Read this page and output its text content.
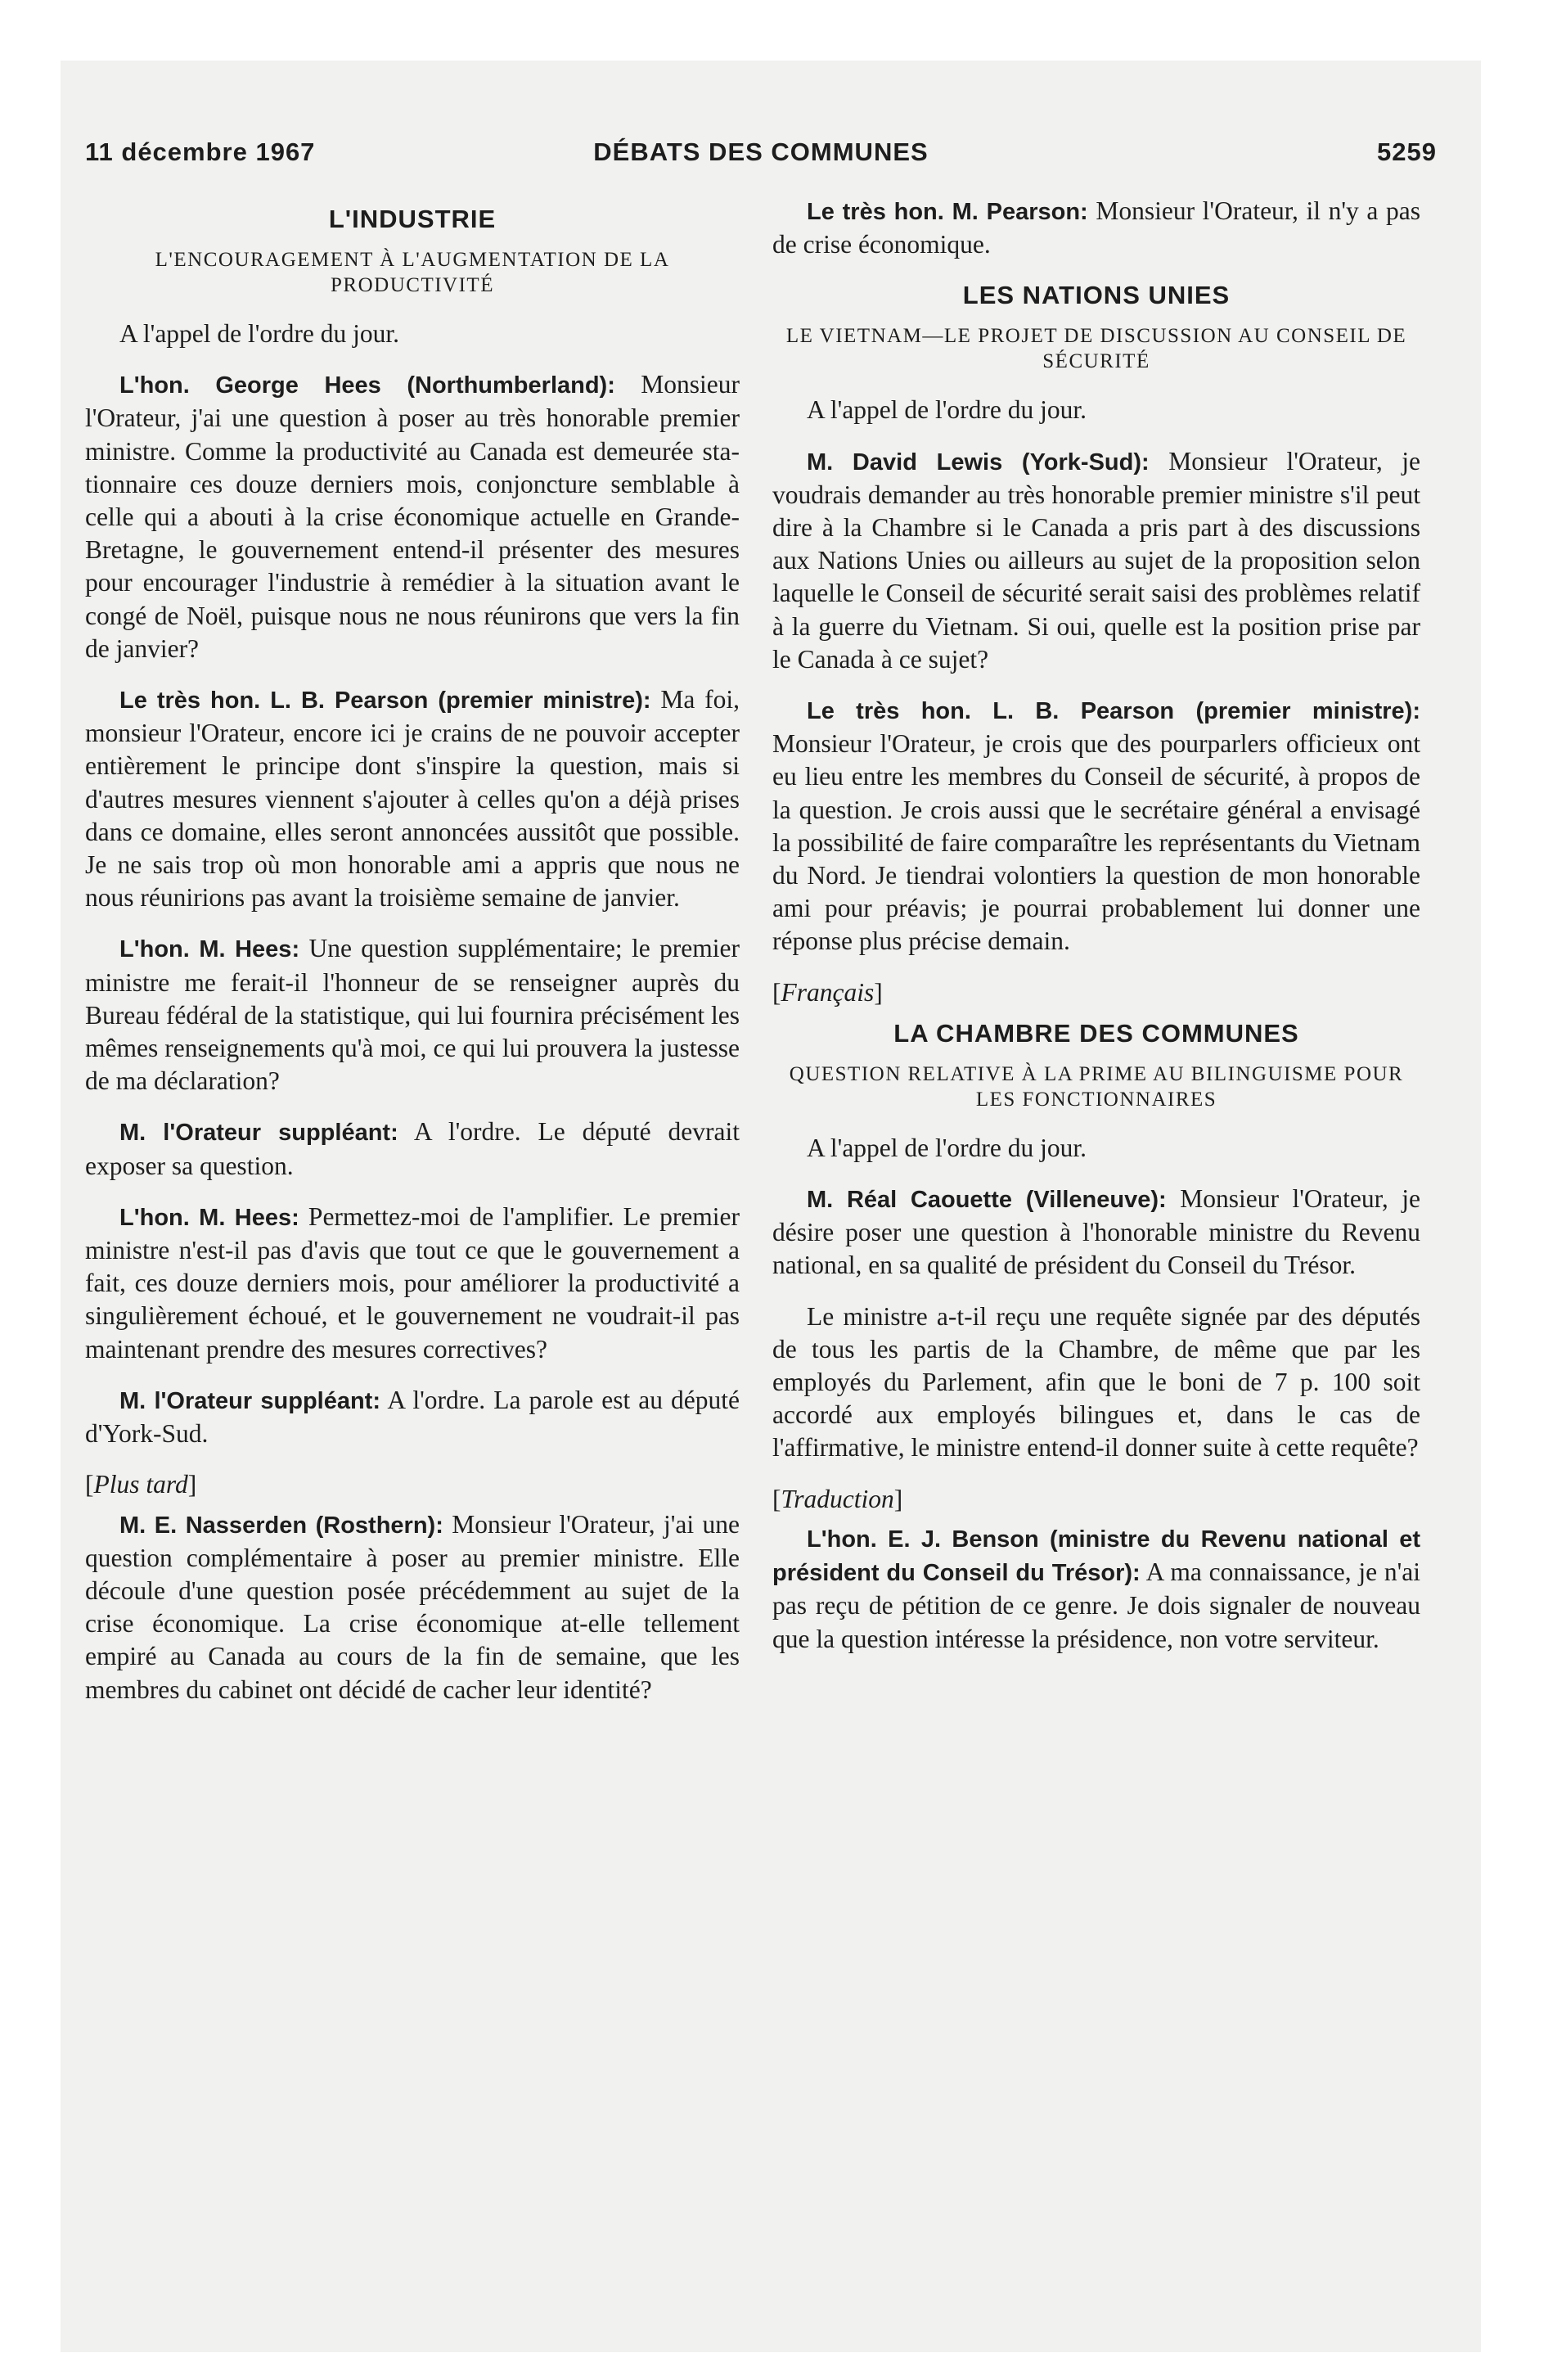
11 décembre 1967	DÉBATS DES COMMUNES	5259
L'INDUSTRIE
L'ENCOURAGEMENT À L'AUGMENTATION DE LA PRODUCTIVITÉ

A l'appel de l'ordre du jour.

L'hon. George Hees (Northumberland): Monsieur l'Orateur, j'ai une question à poser au très honorable premier ministre. Comme la productivité au Canada est demeurée stationnaire ces douze derniers mois, conjoncture semblable à celle qui a abouti à la crise économique actuelle en Grande-Bretagne, le gouvernement entend-il présenter des mesures pour encourager l'industrie à remédier à la situation avant le congé de Noël, puisque nous ne nous réunirons que vers la fin de janvier?

Le très hon. L. B. Pearson (premier ministre): Ma foi, monsieur l'Orateur, encore ici je crains de ne pouvoir accepter entièrement le principe dont s'inspire la question, mais si d'autres mesures viennent s'ajouter à celles qu'on a déjà prises dans ce domaine, elles seront annoncées aussitôt que possible. Je ne sais trop où mon honorable ami a appris que nous ne nous réunirions pas avant la troisième semaine de janvier.

L'hon. M. Hees: Une question supplémentaire; le premier ministre me ferait-il l'honneur de se renseigner auprès du Bureau fédéral de la statistique, qui lui fournira précisément les mêmes renseignements qu'à moi, ce qui lui prouvera la justesse de ma déclaration?

M. l'Orateur suppléant: A l'ordre. Le député devrait exposer sa question.

L'hon. M. Hees: Permettez-moi de l'amplifier. Le premier ministre n'est-il pas d'avis que tout ce que le gouvernement a fait, ces douze derniers mois, pour améliorer la productivité a singulièrement échoué, et le gouvernement ne voudrait-il pas maintenant prendre des mesures correctives?

M. l'Orateur suppléant: A l'ordre. La parole est au député d'York-Sud.

[Plus tard]

M. E. Nasserden (Rosthern): Monsieur l'Orateur, j'ai une question complémentaire à poser au premier ministre. Elle découle d'une question posée précédemment au sujet de la crise économique. La crise économique at-elle tellement empiré au Canada au cours de la fin de semaine, que les membres du cabinet ont décidé de cacher leur identité?

Le très hon. M. Pearson: Monsieur l'Orateur, il n'y a pas de crise économique.

LES NATIONS UNIES
LE VIETNAM—LE PROJET DE DISCUSSION AU CONSEIL DE SÉCURITÉ

A l'appel de l'ordre du jour.

M. David Lewis (York-Sud): Monsieur l'Orateur, je voudrais demander au très honorable premier ministre s'il peut dire à la Chambre si le Canada a pris part à des discussions aux Nations Unies ou ailleurs au sujet de la proposition selon laquelle le Conseil de sécurité serait saisi des problèmes relatif à la guerre du Vietnam. Si oui, quelle est la position prise par le Canada à ce sujet?

Le très hon. L. B. Pearson (premier ministre): Monsieur l'Orateur, je crois que des pourparlers officieux ont eu lieu entre les membres du Conseil de sécurité, à propos de la question. Je crois aussi que le secrétaire général a envisagé la possibilité de faire comparaître les représentants du Vietnam du Nord. Je tiendrai volontiers la question de mon honorable ami pour préavis; je pourrai probablement lui donner une réponse plus précise demain.

[Français]

LA CHAMBRE DES COMMUNES
QUESTION RELATIVE À LA PRIME AU BILINGUISME POUR LES FONCTIONNAIRES

A l'appel de l'ordre du jour.

M. Réal Caouette (Villeneuve): Monsieur l'Orateur, je désire poser une question à l'honorable ministre du Revenu national, en sa qualité de président du Conseil du Trésor.

Le ministre a-t-il reçu une requête signée par des députés de tous les partis de la Chambre, de même que par les employés du Parlement, afin que le boni de 7 p. 100 soit accordé aux employés bilingues et, dans le cas de l'affirmative, le ministre entend-il donner suite à cette requête?

[Traduction]

L'hon. E. J. Benson (ministre du Revenu national et président du Conseil du Trésor): A ma connaissance, je n'ai pas reçu de pétition de ce genre. Je dois signaler de nouveau que la question intéresse la présidence, non votre serviteur.
